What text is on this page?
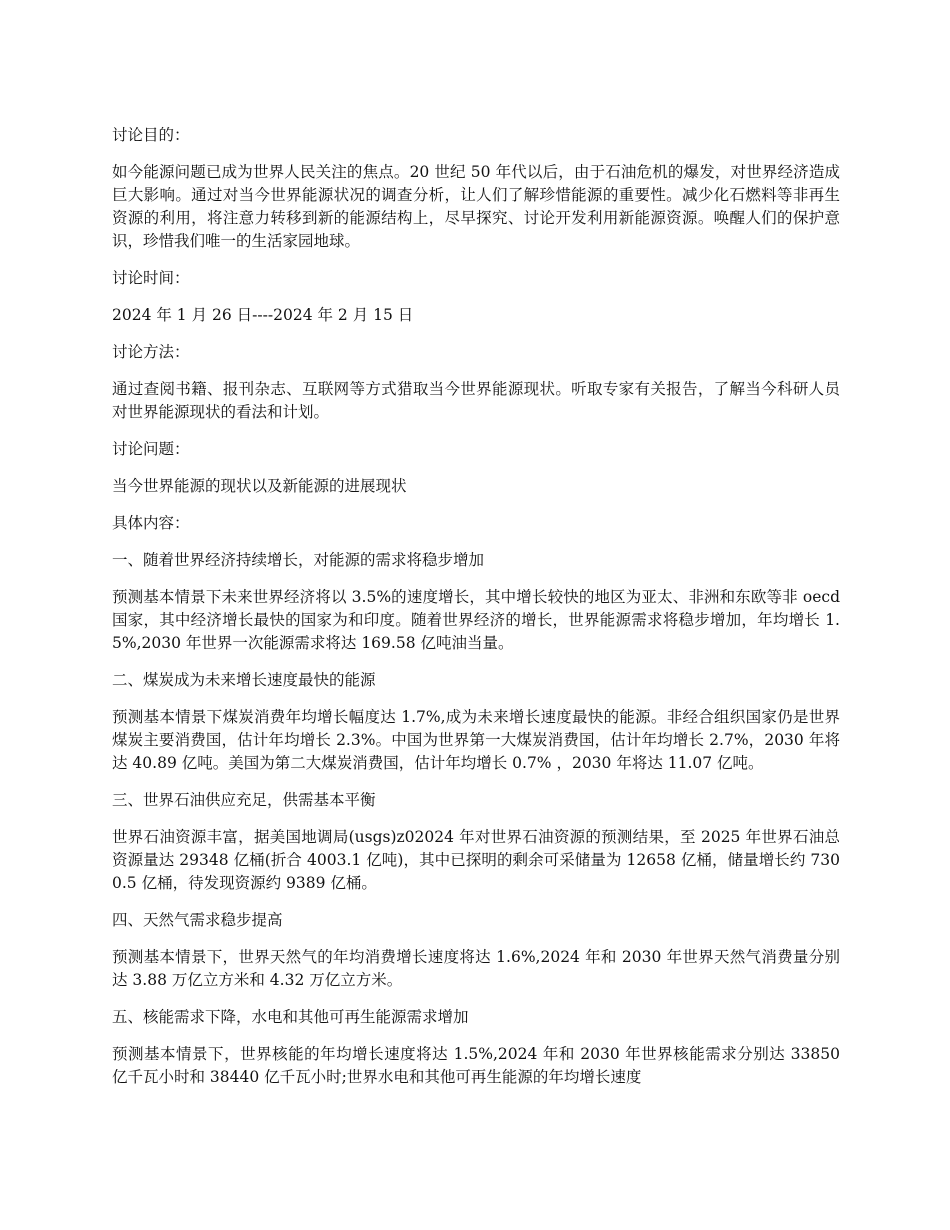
讨论目的：

如今能源问题已成为世界人民关注的焦点。20 世纪 50 年代以后，由于石油危机的爆发，对世界经济造成巨大影响。通过对当今世界能源状况的调查分析，让人们了解珍惜能源的重要性。减少化石燃料等非再生资源的利用，将注意力转移到新的能源结构上，尽早探究、讨论开发利用新能源资源。唤醒人们的保护意识，珍惜我们唯一的生活家园地球。

讨论时间：

2024 年 1 月 26 日----2024 年 2 月 15 日

讨论方法：

通过查阅书籍、报刊杂志、互联网等方式猎取当今世界能源现状。听取专家有关报告，了解当今科研人员对世界能源现状的看法和计划。

讨论问题：

当今世界能源的现状以及新能源的进展现状

具体内容：

一、随着世界经济持续增长，对能源的需求将稳步增加

预测基本情景下未来世界经济将以 3.5%的速度增长，其中增长较快的地区为亚太、非洲和东欧等非 oecd 国家，其中经济增长最快的国家为和印度。随着世界经济的增长，世界能源需求将稳步增加，年均增长 1.5%,2030 年世界一次能源需求将达 169.58 亿吨油当量。

二、煤炭成为未来增长速度最快的能源

预测基本情景下煤炭消费年均增长幅度达 1.7%,成为未来增长速度最快的能源。非经合组织国家仍是世界煤炭主要消费国，估计年均增长 2.3%。中国为世界第一大煤炭消费国，估计年均增长 2.7%，2030 年将达 40.89 亿吨。美国为第二大煤炭消费国，估计年均增长 0.7% ，2030 年将达 11.07 亿吨。

三、世界石油供应充足，供需基本平衡

世界石油资源丰富，据美国地调局(usgs)z02024 年对世界石油资源的预测结果，至 2025 年世界石油总资源量达 29348 亿桶(折合 4003.1 亿吨)，其中已探明的剩余可采储量为 12658 亿桶，储量增长约 7300.5 亿桶，待发现资源约 9389 亿桶。

四、天然气需求稳步提高

预测基本情景下，世界天然气的年均消费增长速度将达 1.6%,2024 年和 2030 年世界天然气消费量分别达 3.88 万亿立方米和 4.32 万亿立方米。

五、核能需求下降，水电和其他可再生能源需求增加

预测基本情景下，世界核能的年均增长速度将达 1.5%,2024 年和 2030 年世界核能需求分别达 33850 亿千瓦小时和 38440 亿千瓦小时;世界水电和其他可再生能源的年均增长速度
